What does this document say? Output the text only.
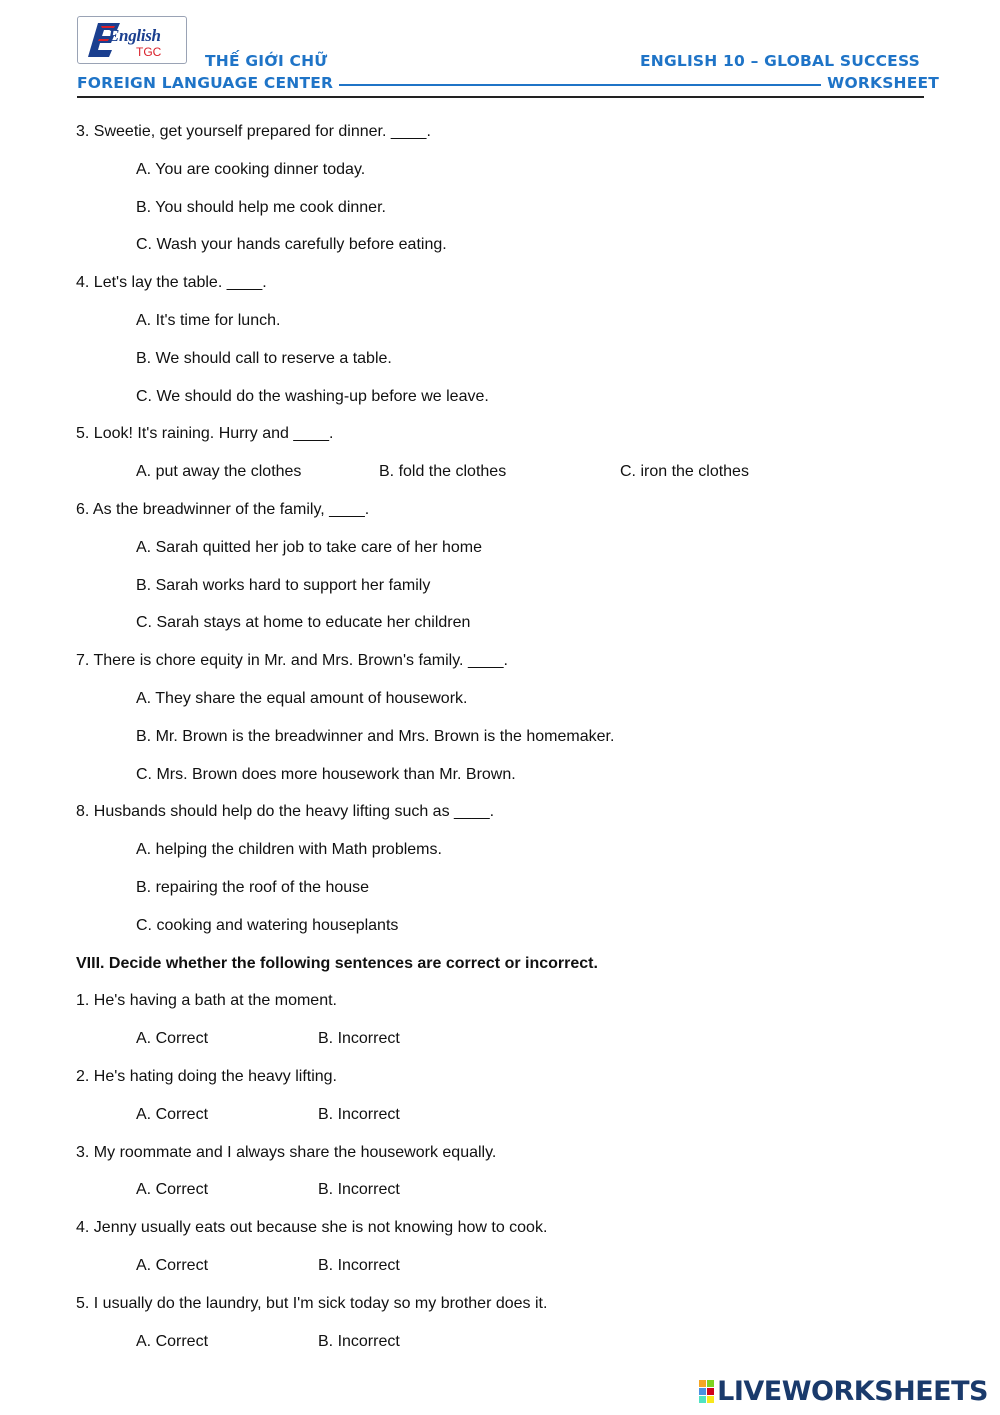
English
TGC	THẾ GIỚI CHỮ	ENGLISH 10 – GLOBAL SUCCESS
FOREIGN LANGUAGE CENTER	WORKSHEET
3. Sweetie, get yourself prepared for dinner. ____.
A. You are cooking dinner today.
B. You should help me cook dinner.
C. Wash your hands carefully before eating.
4. Let's lay the table. ____.
A. It's time for lunch.
B. We should call to reserve a table.
C. We should do the washing-up before we leave.
5. Look! It's raining. Hurry and ____.
A. put away the clothes	B. fold the clothes	C. iron the clothes
6. As the breadwinner of the family, ____.
A. Sarah quitted her job to take care of her home
B. Sarah works hard to support her family
C. Sarah stays at home to educate her children
7. There is chore equity in Mr. and Mrs. Brown's family. ____.
A. They share the equal amount of housework.
B. Mr. Brown is the breadwinner and Mrs. Brown is the homemaker.
C. Mrs. Brown does more housework than Mr. Brown.
8. Husbands should help do the heavy lifting such as ____.
A. helping the children with Math problems.
B. repairing the roof of the house
C. cooking and watering houseplants
VIII. Decide whether the following sentences are correct or incorrect.
1. He's having a bath at the moment.
A. Correct	B. Incorrect
2. He's hating doing the heavy lifting.
A. Correct	B. Incorrect
3. My roommate and I always share the housework equally.
A. Correct	B. Incorrect
4. Jenny usually eats out because she is not knowing how to cook.
A. Correct	B. Incorrect
5. I usually do the laundry, but I'm sick today so my brother does it.
A. Correct	B. Incorrect
LIVEWORKSHEETS
